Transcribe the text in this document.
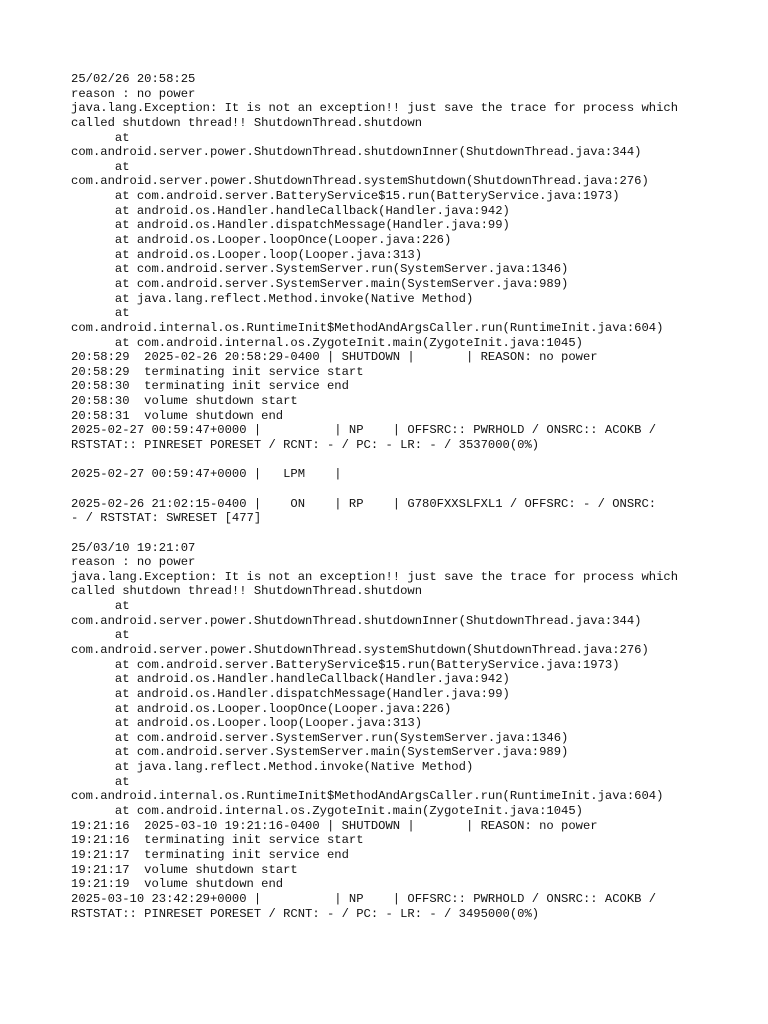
25/02/26 20:58:25
reason : no power
java.lang.Exception: It is not an exception!! just save the trace for process which
called shutdown thread!! ShutdownThread.shutdown
at
com.android.server.power.ShutdownThread.shutdownInner(ShutdownThread.java:344)
at
com.android.server.power.ShutdownThread.systemShutdown(ShutdownThread.java:276)
at com.android.server.BatteryService$15.run(BatteryService.java:1973)
at android.os.Handler.handleCallback(Handler.java:942)
at android.os.Handler.dispatchMessage(Handler.java:99)
at android.os.Looper.loopOnce(Looper.java:226)
at android.os.Looper.loop(Looper.java:313)
at com.android.server.SystemServer.run(SystemServer.java:1346)
at com.android.server.SystemServer.main(SystemServer.java:989)
at java.lang.reflect.Method.invoke(Native Method)
at
com.android.internal.os.RuntimeInit$MethodAndArgsCaller.run(RuntimeInit.java:604)
at com.android.internal.os.ZygoteInit.main(ZygoteInit.java:1045)
20:58:29  2025-02-26 20:58:29-0400 | SHUTDOWN |       | REASON: no power
20:58:29  terminating init service start
20:58:30  terminating init service end
20:58:30  volume shutdown start
20:58:31  volume shutdown end
2025-02-27 00:59:47+0000 |          | NP    | OFFSRC:: PWRHOLD / ONSRC:: ACOKB /
RSTSTAT:: PINRESET PORESET / RCNT: - / PC: - LR: - / 3537000(0%)
2025-02-27 00:59:47+0000 |   LPM    |
2025-02-26 21:02:15-0400 |    ON    | RP    | G780FXXSLFXL1 / OFFSRC: - / ONSRC:
- / RSTSTAT: SWRESET [477]
25/03/10 19:21:07
reason : no power
java.lang.Exception: It is not an exception!! just save the trace for process which
called shutdown thread!! ShutdownThread.shutdown
at
com.android.server.power.ShutdownThread.shutdownInner(ShutdownThread.java:344)
at
com.android.server.power.ShutdownThread.systemShutdown(ShutdownThread.java:276)
at com.android.server.BatteryService$15.run(BatteryService.java:1973)
at android.os.Handler.handleCallback(Handler.java:942)
at android.os.Handler.dispatchMessage(Handler.java:99)
at android.os.Looper.loopOnce(Looper.java:226)
at android.os.Looper.loop(Looper.java:313)
at com.android.server.SystemServer.run(SystemServer.java:1346)
at com.android.server.SystemServer.main(SystemServer.java:989)
at java.lang.reflect.Method.invoke(Native Method)
at
com.android.internal.os.RuntimeInit$MethodAndArgsCaller.run(RuntimeInit.java:604)
at com.android.internal.os.ZygoteInit.main(ZygoteInit.java:1045)
19:21:16  2025-03-10 19:21:16-0400 | SHUTDOWN |       | REASON: no power
19:21:16  terminating init service start
19:21:17  terminating init service end
19:21:17  volume shutdown start
19:21:19  volume shutdown end
2025-03-10 23:42:29+0000 |          | NP    | OFFSRC:: PWRHOLD / ONSRC:: ACOKB /
RSTSTAT:: PINRESET PORESET / RCNT: - / PC: - LR: - / 3495000(0%)
